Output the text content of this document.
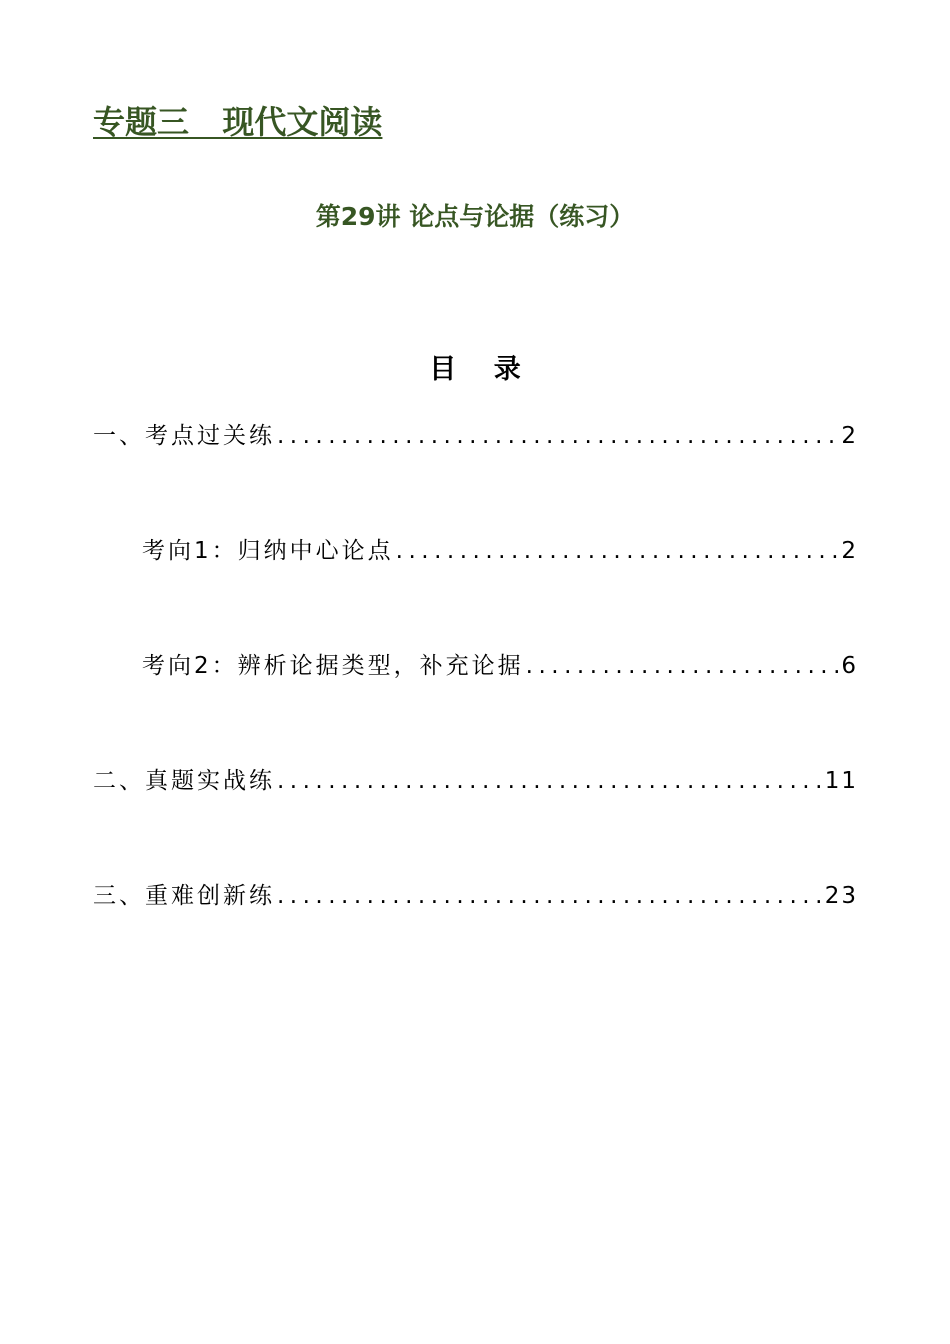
专题三   现代文阅读
第29讲 论点与论据（练习）
目    录
一、考点过关练 .....	2
考向1：归纳中心论点 .....	2
考向2：辨析论据类型，补充论据 .....	6
二、真题实战练 .....	11
三、重难创新练 .....	23
